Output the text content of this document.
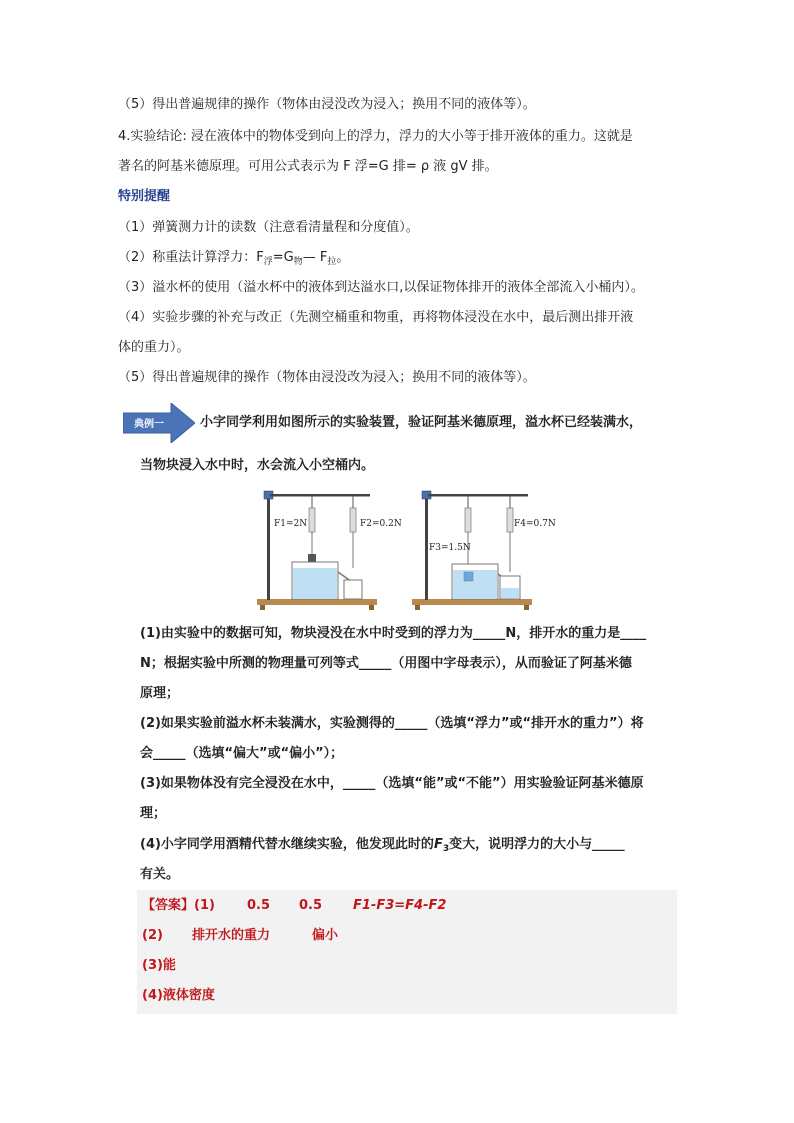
（5）得出普遍规律的操作（物体由浸没改为浸入；换用不同的液体等）。
4.实验结论: 浸在液体中的物体受到向上的浮力，浮力的大小等于排开液体的重力。这就是
著名的阿基米德原理。可用公式表示为 F 浮=G 排= ρ 液 gV 排。
特别提醒
（1）弹簧测力计的读数（注意看清量程和分度值）。
（2）称重法计算浮力：$F_浮=G_物—$ $F_拉$。
（3）溢水杯的使用（溢水杯中的液体到达溢水口,以保证物体排开的液体全部流入小桶内）。
（4）实验步骤的补充与改正（先测空桶重和物重，再将物体浸没在水中，最后测出排开液
体的重力）。
（5）得出普遍规律的操作（物体由浸没改为浸入；换用不同的液体等）。
典例一	小字同学利用如图所示的实验装置，验证阿基米德原理，溢水杯已经装满水，
当物块浸入水中时，水会流入小空桶内。
F1=2N	F2=0.2N
F3=1.5N
F4=0.7N
(1)由实验中的数据可知，物块浸没在水中时受到的浮力为_____N，排开水的重力是____
N；根据实验中所测的物理量可列等式_____（用图中字母表示），从而验证了阿基米德
原理；
(2)如果实验前溢水杯未装满水，实验测得的_____（选填“浮力”或“排开水的重力”）将
会_____（选填“偏大”或“偏小”）；
(3)如果物体没有完全浸没在水中，_____（选填“能”或“不能”）用实验验证阿基米德原
理；
(4)小字同学用酒精代替水继续实验，他发现此时的$F_3$变大，说明浮力的大小与_____
有关。
【答案】(1) 0.5 0.5 F1-F3=F4-F2
(2) 排开水的重力	偏小
(3)能
(4)液体密度
